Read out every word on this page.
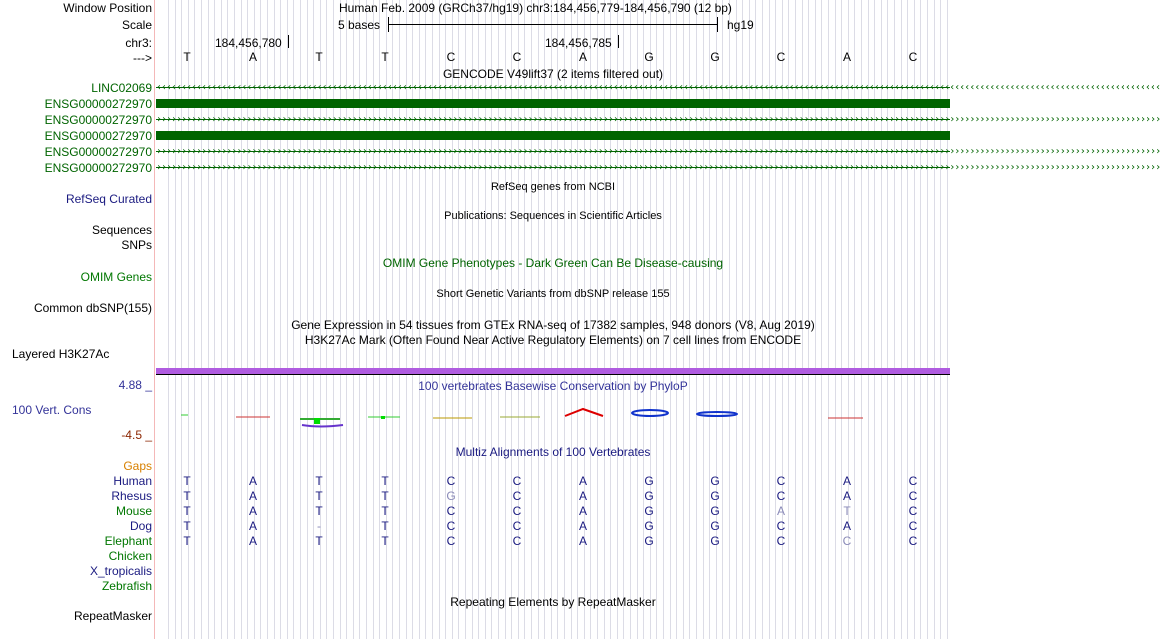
Window Position	Human Feb. 2009 (GRCh37/hg19) chr3:184,456,779-184,456,790 (12 bp)
Scale	5 bases	hg19
chr3:	184,456,780	184,456,785
--->	T	A	T	T	C	C	A	G	G	C	A	C
GENCODE V49lift37 (2 items filtered out)
LINC02069 ‹‹‹‹‹‹‹‹‹‹‹‹‹‹‹‹‹‹‹‹‹‹‹‹‹‹‹‹‹‹‹‹‹‹‹‹‹‹‹‹‹‹‹‹‹‹‹‹‹‹‹‹‹‹‹‹‹‹‹‹‹‹‹‹‹‹‹‹‹‹‹‹‹‹‹‹‹‹‹‹‹‹‹‹‹‹‹‹‹‹‹‹‹‹‹‹‹‹‹‹‹‹‹‹‹‹‹‹‹‹‹‹‹‹‹‹‹‹‹‹‹‹‹‹‹‹‹‹‹‹‹‹‹‹‹‹‹‹‹‹‹‹‹‹‹‹‹‹‹‹‹‹‹‹‹‹‹‹‹‹‹‹‹‹‹‹‹‹‹‹‹‹‹‹‹‹‹‹‹‹‹‹‹‹‹‹‹‹‹‹‹‹‹‹‹‹‹‹‹‹
ENSG00000272970
ENSG00000272970 ››››››››››››››››››››››››››››››››››››››››››››››››››››››››››››››››››››››››››››››››››››››››››››››››››››››››››››››››››››››››››››››››››››››››››››››››››››››››››››››››››››››››››››››››››››››››››››››››››››››››
ENSG00000272970
ENSG00000272970 ››››››››››››››››››››››››››››››››››››››››››››››››››››››››››››››››››››››››››››››››››››››››››››››››››››››››››››››››››››››››››››››››››››››››››››››››››››››››››››››››››››››››››››››››››››››››››››››››››››››››
ENSG00000272970 ››››››››››››››››››››››››››››››››››››››››››››››››››››››››››››››››››››››››››››››››››››››››››››››››››››››››››››››››››››››››››››››››››››››››››››››››››››››››››››››››››››››››››››››››››››››››››››››››››››››››
RefSeq genes from NCBI
RefSeq Curated
Publications: Sequences in Scientific Articles
Sequences
SNPs
OMIM Gene Phenotypes - Dark Green Can Be Disease-causing
OMIM Genes
Short Genetic Variants from dbSNP release 155
Common dbSNP(155)
Gene Expression in 54 tissues from GTEx RNA-seq of 17382 samples, 948 donors (V8, Aug 2019)
H3K27Ac Mark (Often Found Near Active Regulatory Elements) on 7 cell lines from ENCODE
Layered H3K27Ac
100 vertebrates Basewise Conservation by PhyloP
4.88 _
100 Vert. Cons
-4.5 _
Multiz Alignments of 100 Vertebrates
Gaps
Human	T	A	T	T	C	C	A	G	G	C	A	C
Rhesus	T	A	T	T	G	C	A	G	G	C	A	C
Mouse	T	A	T	T	C	C	A	G	G	A	T	C
Dog	T	A	-	T	C	C	A	G	G	C	A	C
Elephant	T	A	T	T	C	C	A	G	G	C	C	C
Chicken
X_tropicalis
Zebrafish
Repeating Elements by RepeatMasker
RepeatMasker
